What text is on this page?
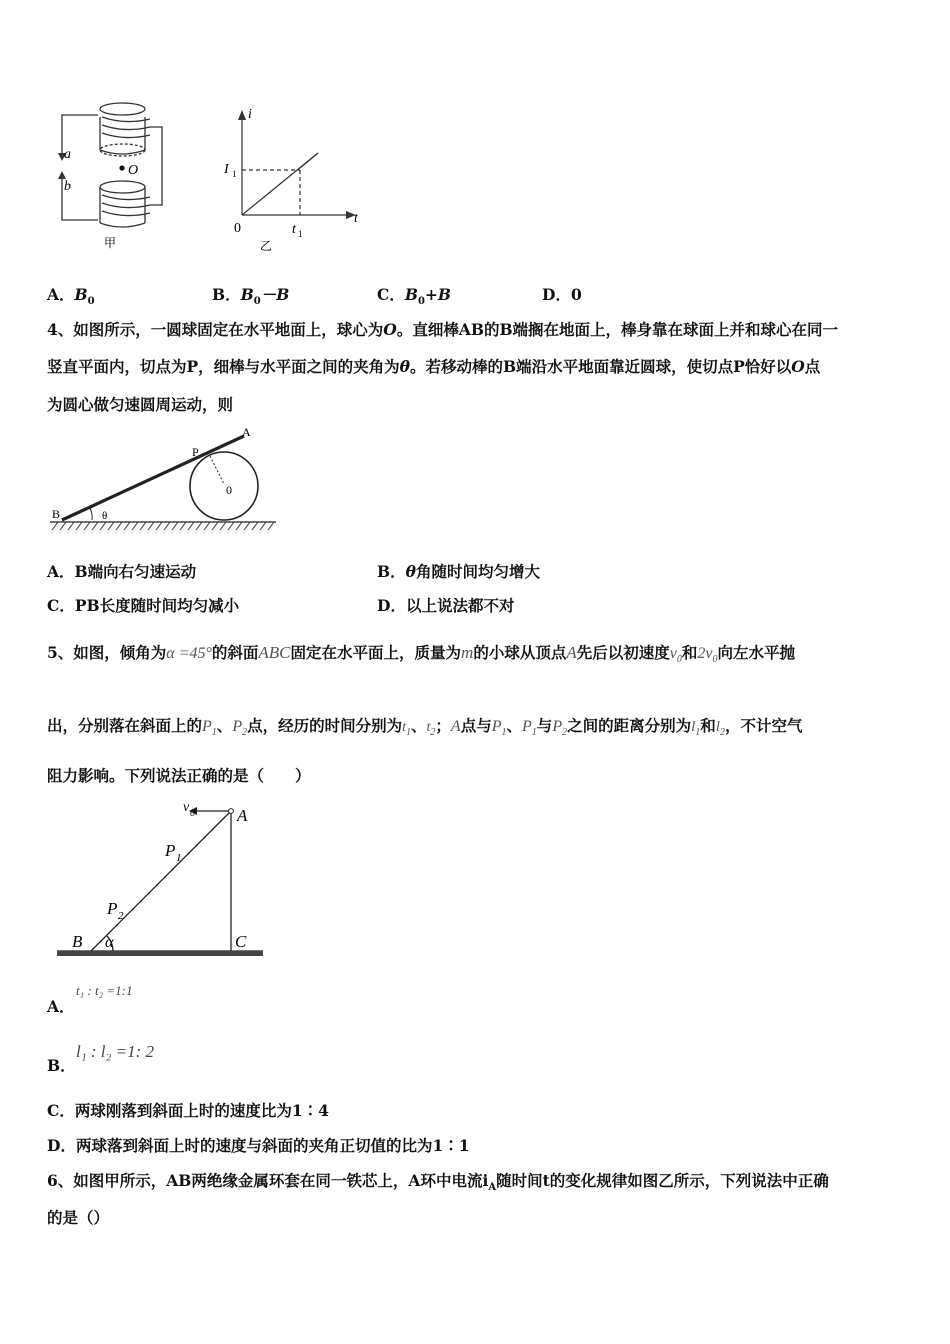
a
b
O
甲
i
t
0
I 1
t 1
乙
A．$B_0$	B．$B_0-B$	C．$B_0+B$	D．0
4、如图所示，一圆球固定在水平地面上，球心为O。直细棒AB的B端搁在地面上，棒身靠在球面上并和球心在同一
竖直平面内，切点为P，细棒与水平面之间的夹角为θ。若移动棒的B端沿水平地面靠近圆球，使切点P恰好以O点
为圆心做匀速圆周运动，则
A
B
P
0
θ
A．B端向右匀速运动	B．θ角随时间均匀增大
C．PB长度随时间均匀减小	D．以上说法都不对
5、如图，倾角为α =45°的斜面ABC固定在水平面上，质量为m的小球从顶点A先后以初速度$v_0$和$2v_0$向左水平抛
出，分别落在斜面上的$P_1$、$P_2$点，经历的时间分别为$t_1$、$t_2$；A点与$P_1$、$P_1$与$P_2$之间的距离分别为$l_1$和$l_2$，不计空气
阻力影响。下列说法正确的是（　　）
v 0 A
P 1
P 2
B α	C
A．
t₁ : t₂ =1:1
B．
l₁ : l₂ =1: 2
C．两球刚落到斜面上时的速度比为1∶4
D．两球落到斜面上时的速度与斜面的夹角正切值的比为1∶1
6、如图甲所示，AB两绝缘金属环套在同一铁芯上，A环中电流$i_A$随时间t的变化规律如图乙所示，下列说法中正确
的是（）
